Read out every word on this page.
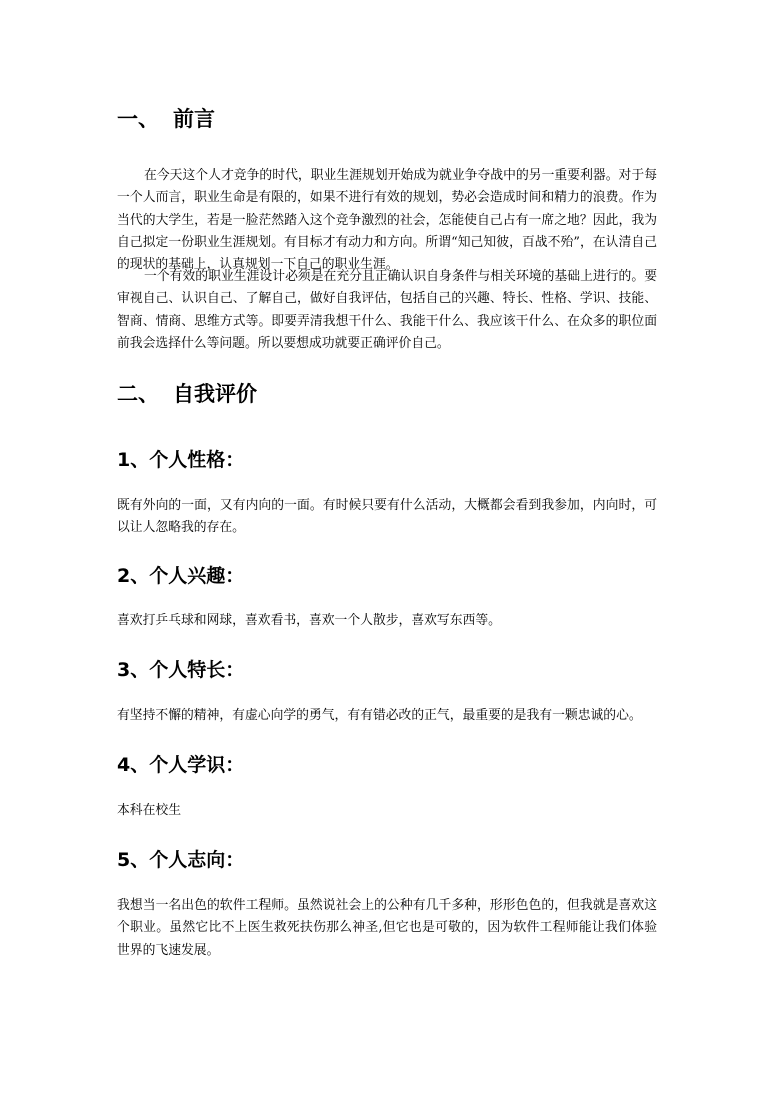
一、 前言
在今天这个人才竞争的时代，职业生涯规划开始成为就业争夺战中的另一重要利器。对于每一个人而言，职业生命是有限的，如果不进行有效的规划，势必会造成时间和精力的浪费。作为当代的大学生，若是一脸茫然踏入这个竞争激烈的社会，怎能使自己占有一席之地？因此，我为自己拟定一份职业生涯规划。有目标才有动力和方向。所谓“知己知彼，百战不殆”，在认清自己的现状的基础上，认真规划一下自己的职业生涯。
一个有效的职业生涯设计必须是在充分且正确认识自身条件与相关环境的基础上进行的。要审视自己、认识自己、了解自己，做好自我评估，包括自己的兴趣、特长、性格、学识、技能、智商、情商、思维方式等。即要弄清我想干什么、我能干什么、我应该干什么、在众多的职位面前我会选择什么等问题。所以要想成功就要正确评价自己。
二、 自我评价
1、个人性格：
既有外向的一面，又有内向的一面。有时候只要有什么活动，大概都会看到我参加，内向时，可以让人忽略我的存在。
2、个人兴趣：
喜欢打乒乓球和网球，喜欢看书，喜欢一个人散步，喜欢写东西等。
3、个人特长：
有坚持不懈的精神，有虚心向学的勇气，有有错必改的正气，最重要的是我有一颗忠诚的心。
4、个人学识：
本科在校生
5、个人志向：
我想当一名出色的软件工程师。虽然说社会上的公种有几千多种，形形色色的，但我就是喜欢这个职业。虽然它比不上医生救死扶伤那么神圣,但它也是可敬的，因为软件工程师能让我们体验世界的飞速发展。
